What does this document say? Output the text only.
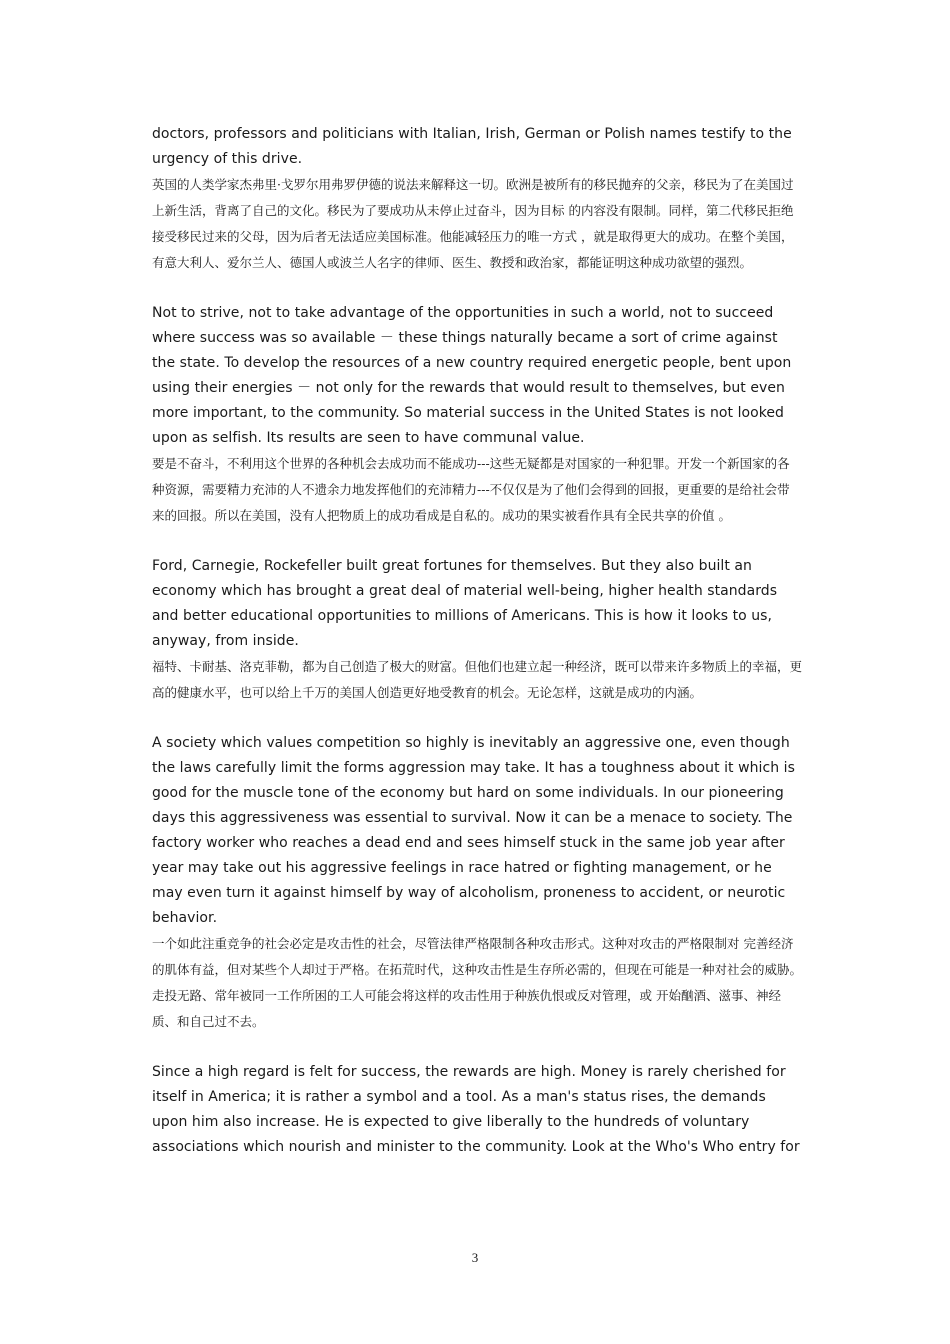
doctors, professors and politicians with Italian, Irish, German or Polish names testify to the urgency of this drive.

英国的人类学家杰弗里·戈罗尔用弗罗伊德的说法来解释这一切。欧洲是被所有的移民抛弃的父亲，移民为了在美国过上新生活，背离了自己的文化。移民为了要成功从未停止过奋斗，因为目标 的内容没有限制。同样，第二代移民拒绝接受移民过来的父母，因为后者无法适应美国标准。他能减轻压力的唯一方式 ，就是取得更大的成功。在整个美国，有意大利人、爱尔兰人、德国人或波兰人名字的律师、医生、教授和政治家，都能证明这种成功欲望的强烈。

Not to strive, not to take advantage of the opportunities in such a world, not to succeed where success was so available － these things naturally became a sort of crime against the state. To develop the resources of a new country required energetic people, bent upon using their energies － not only for the rewards that would result to themselves, but even more important, to the community. So material success in the United States is not looked upon as selfish. Its results are seen to have communal value.

要是不奋斗，不利用这个世界的各种机会去成功而不能成功---这些无疑都是对国家的一种犯罪。开发一个新国家的各种资源，需要精力充沛的人不遗余力地发挥他们的充沛精力---不仅仅是为了他们会得到的回报，更重要的是给社会带来的回报。所以在美国，没有人把物质上的成功看成是自私的。成功的果实被看作具有全民共享的价值 。

Ford, Carnegie, Rockefeller built great fortunes for themselves. But they also built an economy which has brought a great deal of material well-being, higher health standards and better educational opportunities to millions of Americans. This is how it looks to us, anyway, from inside.

福特、卡耐基、洛克菲勒，都为自己创造了极大的财富。但他们也建立起一种经济，既可以带来许多物质上的幸福，更高的健康水平，也可以给上千万的美国人创造更好地受教育的机会。无论怎样，这就是成功的内涵。

A society which values competition so highly is inevitably an aggressive one, even though the laws carefully limit the forms aggression may take. It has a toughness about it which is good for the muscle tone of the economy but hard on some individuals. In our pioneering days this aggressiveness was essential to survival. Now it can be a menace to society. The factory worker who reaches a dead end and sees himself stuck in the same job year after year may take out his aggressive feelings in race hatred or fighting management, or he may even turn it against himself by way of alcoholism, proneness to accident, or neurotic behavior.

一个如此注重竞争的社会必定是攻击性的社会，尽管法律严格限制各种攻击形式。这种对攻击的严格限制对 完善经济的肌体有益，但对某些个人却过于严格。在拓荒时代，这种攻击性是生存所必需的，但现在可能是一种对社会的威胁。走投无路、常年被同一工作所困的工人可能会将这样的攻击性用于种族仇恨或反对管理，或 开始酗酒、滋事、神经质、和自己过不去。

Since a high regard is felt for success, the rewards are high. Money is rarely cherished for itself in America; it is rather a symbol and a tool. As a man's status rises, the demands upon him also increase. He is expected to give liberally to the hundreds of voluntary associations which nourish and minister to the community. Look at the Who's Who entry for

3
